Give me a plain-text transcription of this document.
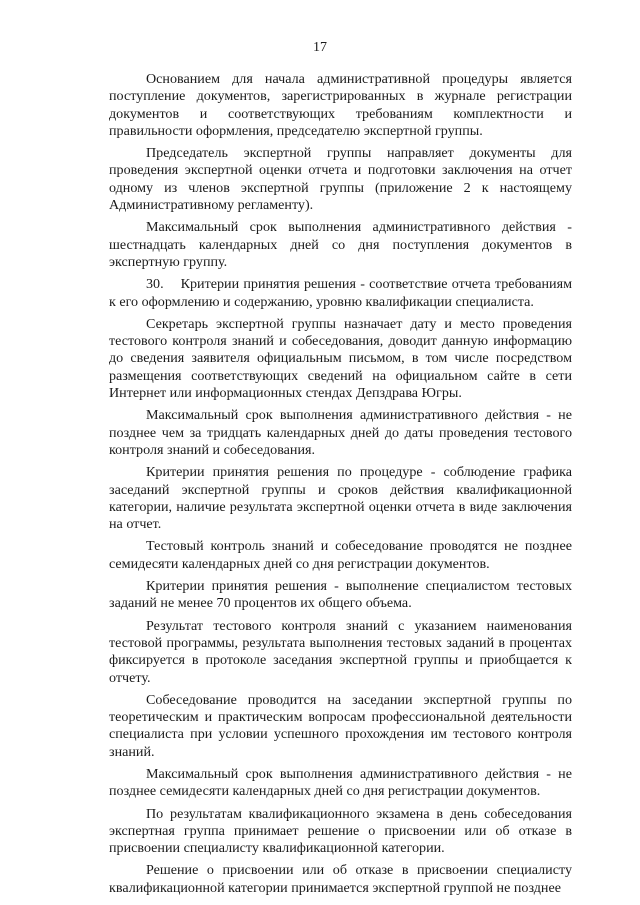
17

Основанием для начала административной процедуры является поступление документов, зарегистрированных в журнале регистрации документов и соответствующих требованиям комплектности и правильности оформления, председателю экспертной группы.

Председатель экспертной группы направляет документы для проведения экспертной оценки отчета и подготовки заключения на отчет одному из членов экспертной группы (приложение 2 к настоящему Административному регламенту).

Максимальный срок выполнения административного действия - шестнадцать календарных дней со дня поступления документов в экспертную группу.

30.    Критерии принятия решения - соответствие отчета требованиям к его оформлению и содержанию, уровню квалификации специалиста.

Секретарь экспертной группы назначает дату и место проведения тестового контроля знаний и собеседования, доводит данную информацию до сведения заявителя официальным письмом, в том числе посредством размещения соответствующих сведений на официальном сайте в сети Интернет или информационных стендах Депздрава Югры.

Максимальный срок выполнения административного действия - не позднее чем за тридцать календарных дней до даты проведения тестового контроля знаний и собеседования.

Критерии принятия решения по процедуре - соблюдение графика заседаний экспертной группы и сроков действия квалификационной категории, наличие результата экспертной оценки отчета в виде заключения на отчет.

Тестовый контроль знаний и собеседование проводятся не позднее семидесяти календарных дней со дня регистрации документов.

Критерии принятия решения - выполнение специалистом тестовых заданий не менее 70 процентов их общего объема.

Результат тестового контроля знаний с указанием наименования тестовой программы, результата выполнения тестовых заданий в процентах фиксируется в протоколе заседания экспертной группы и приобщается к отчету.

Собеседование проводится на заседании экспертной группы по теоретическим и практическим вопросам профессиональной деятельности специалиста при условии успешного прохождения им тестового контроля знаний.

Максимальный срок выполнения административного действия - не позднее семидесяти календарных дней со дня регистрации документов.

По результатам квалификационного экзамена в день собеседования экспертная группа принимает решение о присвоении или об отказе в присвоении специалисту квалификационной категории.

Решение о присвоении или об отказе в присвоении специалисту квалификационной категории принимается экспертной группой не позднее
